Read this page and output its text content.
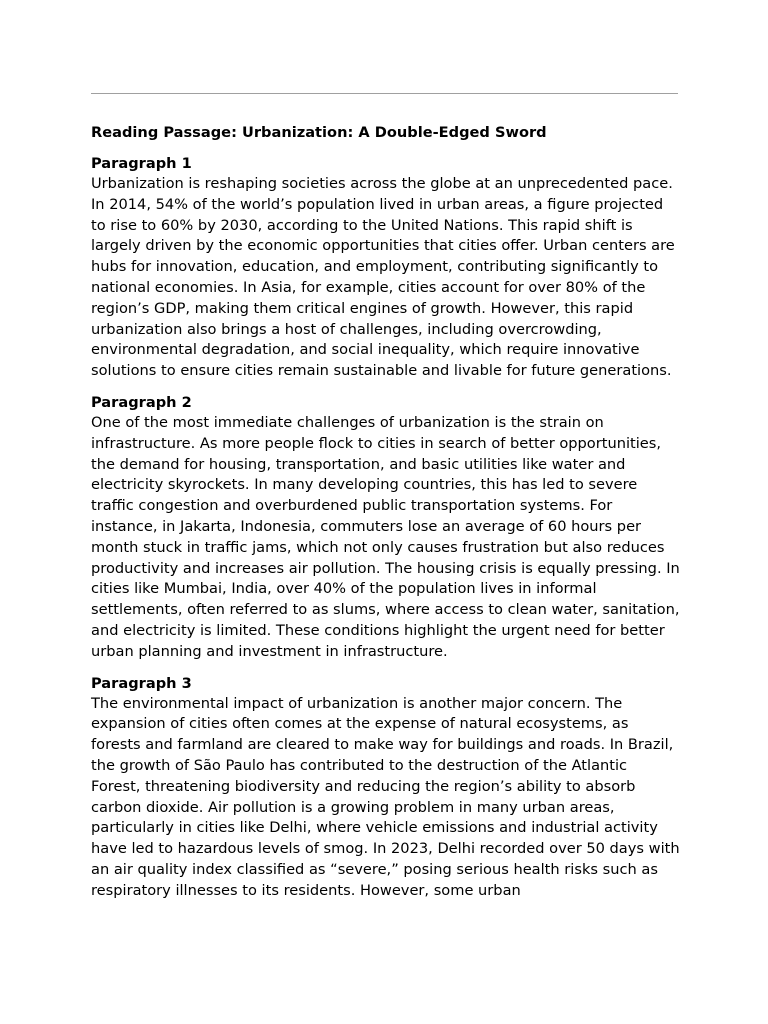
Reading Passage: Urbanization: A Double-Edged Sword
Paragraph 1

Urbanization is reshaping societies across the globe at an unprecedented pace. In 2014, 54% of the world’s population lived in urban areas, a figure projected to rise to 60% by 2030, according to the United Nations. This rapid shift is largely driven by the economic opportunities that cities offer. Urban centers are hubs for innovation, education, and employment, contributing significantly to national economies. In Asia, for example, cities account for over 80% of the region’s GDP, making them critical engines of growth. However, this rapid urbanization also brings a host of challenges, including overcrowding, environmental degradation, and social inequality, which require innovative solutions to ensure cities remain sustainable and livable for future generations.

Paragraph 2

One of the most immediate challenges of urbanization is the strain on infrastructure. As more people flock to cities in search of better opportunities, the demand for housing, transportation, and basic utilities like water and electricity skyrockets. In many developing countries, this has led to severe traffic congestion and overburdened public transportation systems. For instance, in Jakarta, Indonesia, commuters lose an average of 60 hours per month stuck in traffic jams, which not only causes frustration but also reduces productivity and increases air pollution. The housing crisis is equally pressing. In cities like Mumbai, India, over 40% of the population lives in informal settlements, often referred to as slums, where access to clean water, sanitation, and electricity is limited. These conditions highlight the urgent need for better urban planning and investment in infrastructure.

Paragraph 3

The environmental impact of urbanization is another major concern. The expansion of cities often comes at the expense of natural ecosystems, as forests and farmland are cleared to make way for buildings and roads. In Brazil, the growth of São Paulo has contributed to the destruction of the Atlantic Forest, threatening biodiversity and reducing the region’s ability to absorb carbon dioxide. Air pollution is a growing problem in many urban areas, particularly in cities like Delhi, where vehicle emissions and industrial activity have led to hazardous levels of smog. In 2023, Delhi recorded over 50 days with an air quality index classified as “severe,” posing serious health risks such as respiratory illnesses to its residents. However, some urban
